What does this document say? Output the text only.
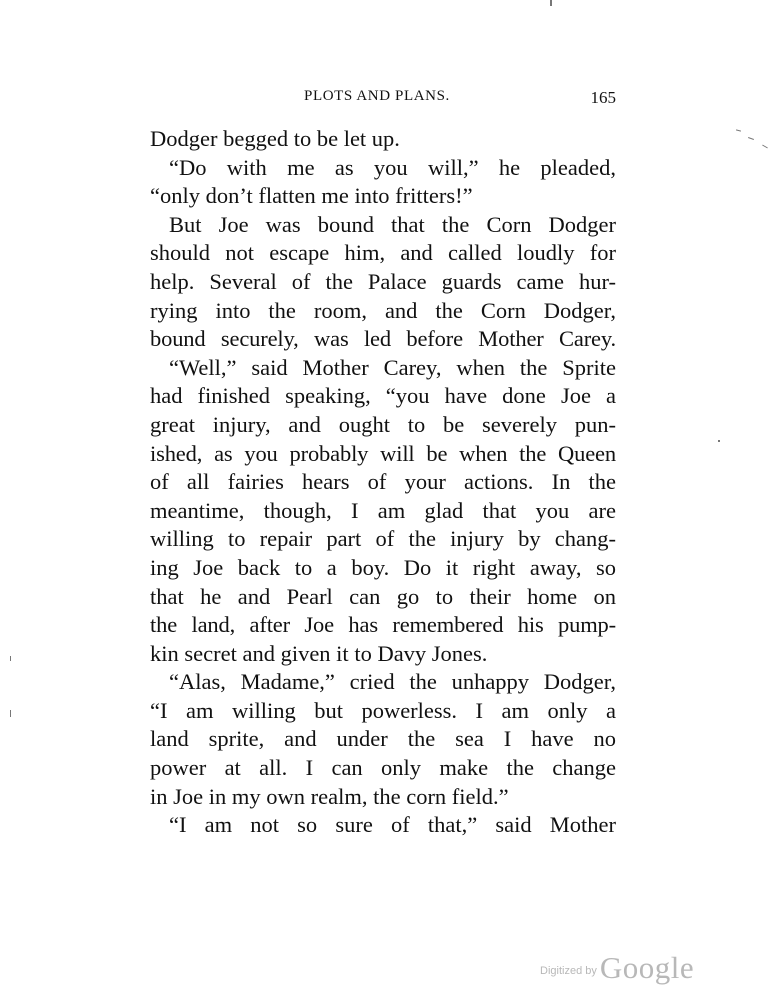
PLOTS AND PLANS.	165
Dodger begged to be let up.
“Do with me as you will,” he pleaded,
“only don’t flatten me into fritters!”
But Joe was bound that the Corn Dodger
should not escape him, and called loudly for
help. Several of the Palace guards came hur-
rying into the room, and the Corn Dodger,
bound securely, was led before Mother Carey.
“Well,” said Mother Carey, when the Sprite
had finished speaking, “you have done Joe a
great injury, and ought to be severely pun-
ished, as you probably will be when the Queen
of all fairies hears of your actions. In the
meantime, though, I am glad that you are
willing to repair part of the injury by chang-
ing Joe back to a boy. Do it right away, so
that he and Pearl can go to their home on
the land, after Joe has remembered his pump-
kin secret and given it to Davy Jones.
“Alas, Madame,” cried the unhappy Dodger,
“I am willing but powerless. I am only a
land sprite, and under the sea I have no
power at all. I can only make the change
in Joe in my own realm, the corn field.”
“I am not so sure of that,” said Mother
$^{Digitized by}$Google
